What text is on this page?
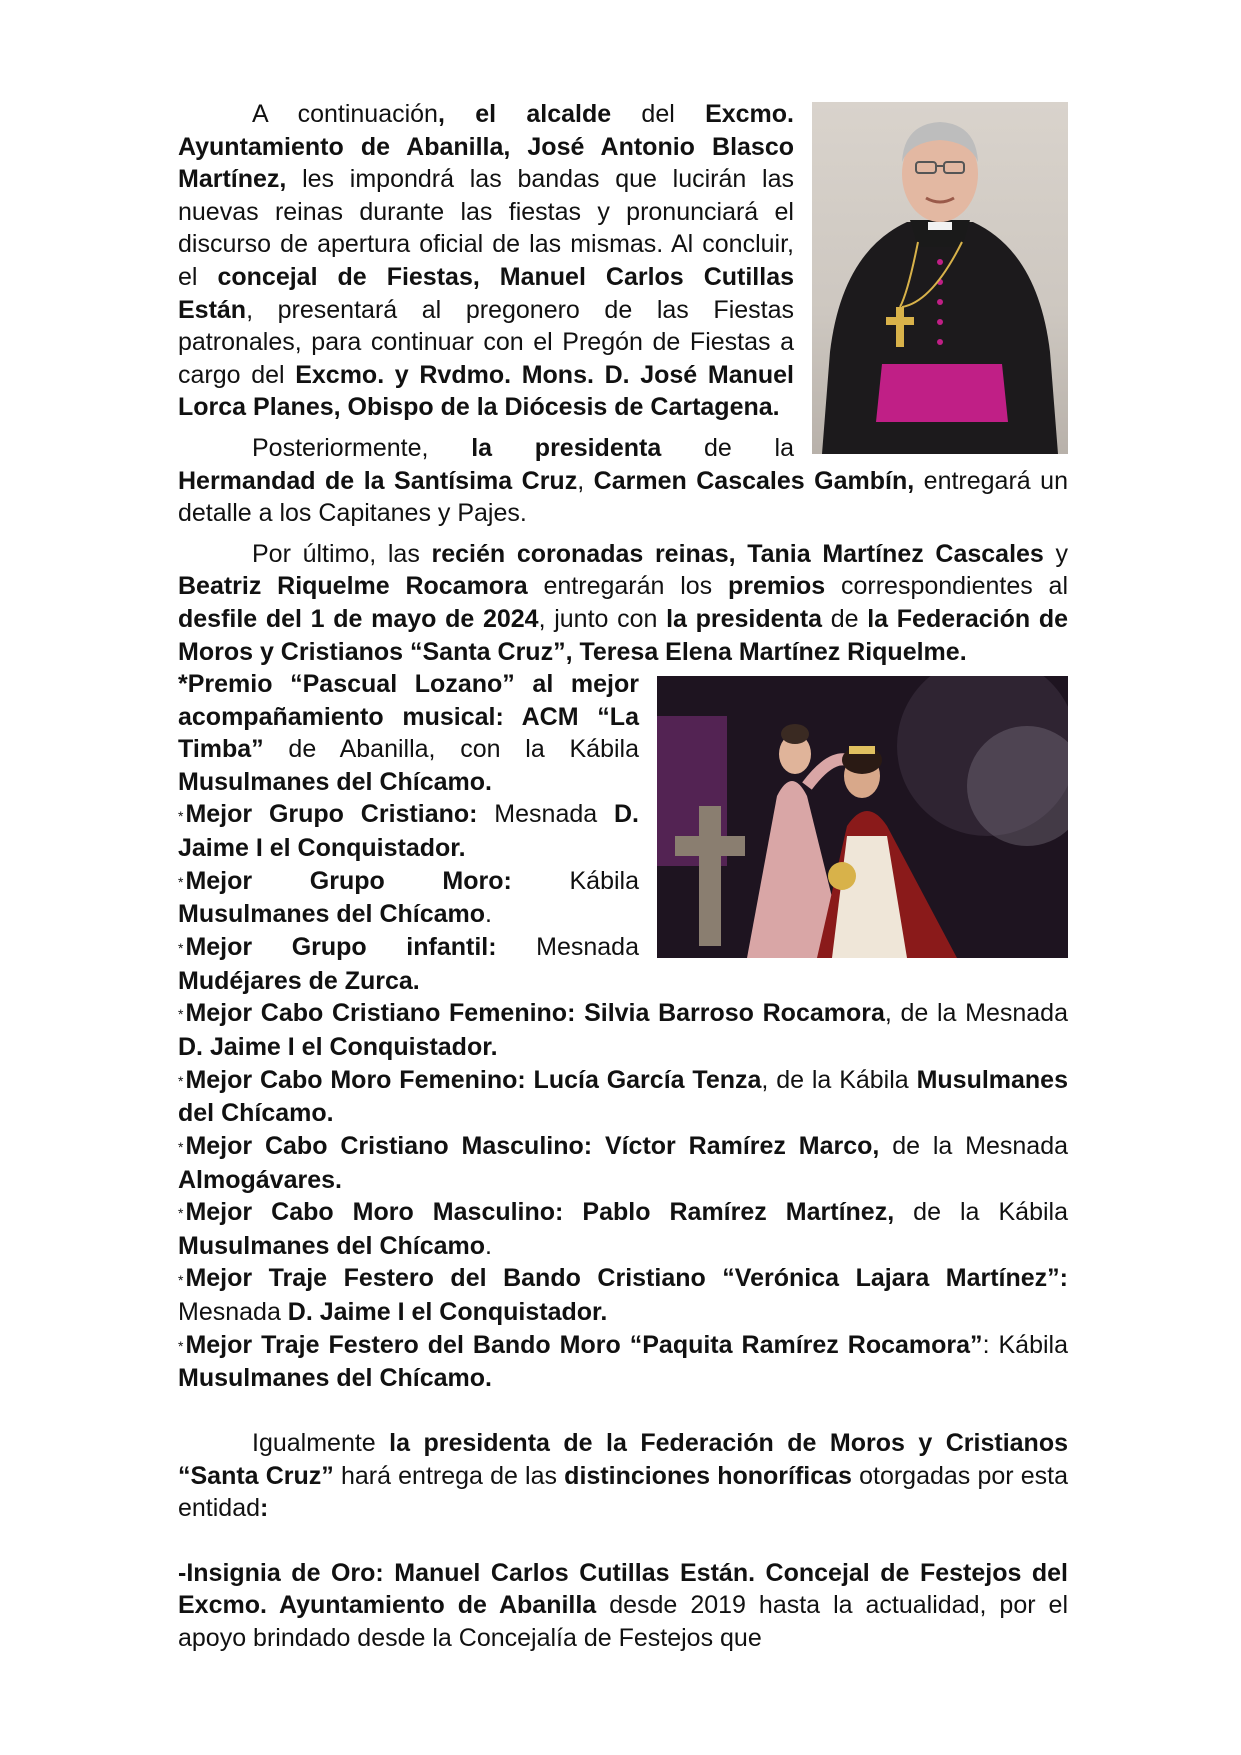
A continuación, el alcalde del Excmo. Ayuntamiento de Abanilla, José Antonio Blasco Martínez, les impondrá las bandas que lucirán las nuevas reinas durante las fiestas y pronunciará el discurso de apertura oficial de las mismas. Al concluir, el concejal de Fiestas, Manuel Carlos Cutillas Están, presentará al pregonero de las Fiestas patronales, para continuar con el Pregón de Fiestas a cargo del Excmo. y Rvdmo. Mons. D. José Manuel Lorca Planes, Obispo de la Diócesis de Cartagena.

Posteriormente, la presidenta de la Hermandad de la Santísima Cruz, Carmen Cascales Gambín, entregará un detalle a los Capitanes y Pajes.

Por último, las recién coronadas reinas, Tania Martínez Cascales y Beatriz Riquelme Rocamora entregarán los premios correspondientes al desfile del 1 de mayo de 2024, junto con la presidenta de la Federación de Moros y Cristianos “Santa Cruz”, Teresa Elena Martínez Riquelme.

*Premio “Pascual Lozano” al mejor acompañamiento musical: ACM “La Timba” de Abanilla, con la Kábila Musulmanes del Chícamo.

*Mejor Grupo Cristiano: Mesnada D. Jaime I el Conquistador.

*Mejor Grupo Moro: Kábila Musulmanes del Chícamo.

*Mejor Grupo infantil: Mesnada Mudéjares de Zurca.

*Mejor Cabo Cristiano Femenino: Silvia Barroso Rocamora, de la Mesnada D. Jaime I el Conquistador.

*Mejor Cabo Moro Femenino: Lucía García Tenza, de la Kábila Musulmanes del Chícamo.

*Mejor Cabo Cristiano Masculino: Víctor Ramírez Marco, de la Mesnada Almogávares.

*Mejor Cabo Moro Masculino: Pablo Ramírez Martínez, de la Kábila Musulmanes del Chícamo.

*Mejor Traje Festero del Bando Cristiano “Verónica Lajara Martínez”: Mesnada D. Jaime I el Conquistador.

*Mejor Traje Festero del Bando Moro “Paquita Ramírez Rocamora”: Kábila Musulmanes del Chícamo.

Igualmente la presidenta de la Federación de Moros y Cristianos “Santa Cruz” hará entrega de las distinciones honoríficas otorgadas por esta entidad:

-Insignia de Oro: Manuel Carlos Cutillas Están. Concejal de Festejos del Excmo. Ayuntamiento de Abanilla desde 2019 hasta la actualidad, por el apoyo brindado desde la Concejalía de Festejos que
